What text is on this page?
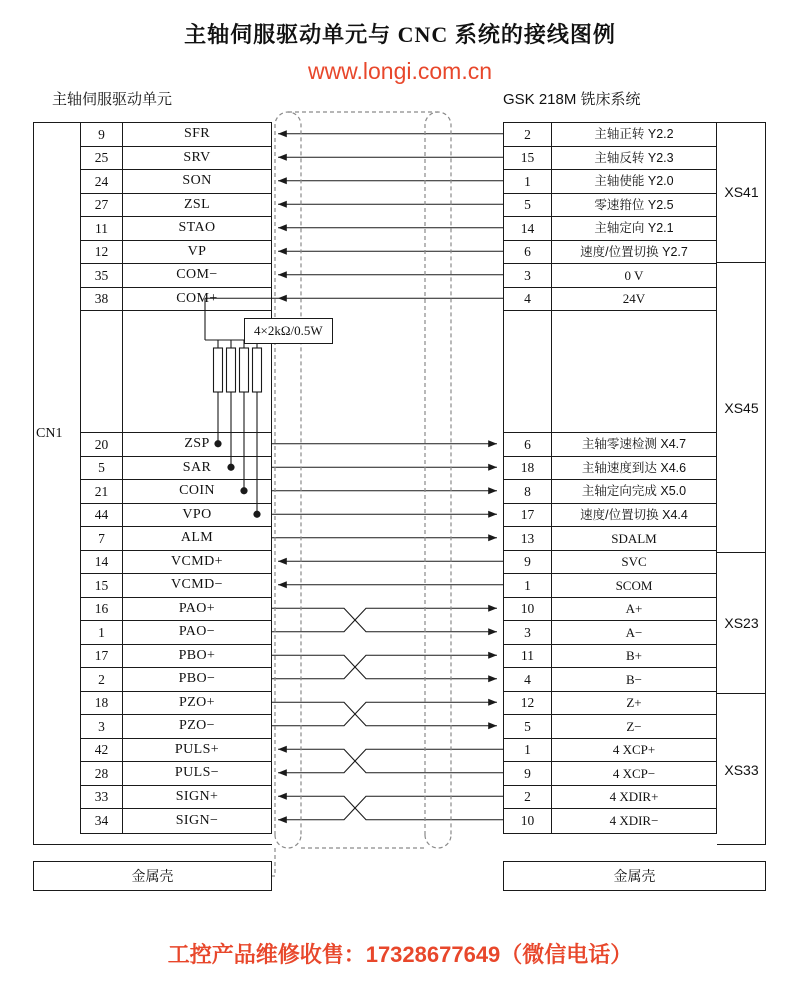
主轴伺服驱动单元与 CNC 系统的接线图例
www.longi.com.cn
主轴伺服驱动单元	GSK 218M 铣床系统
工控产品维修收售：17328677649（微信电话）
CN1
9	SFR
25	SRV
24	SON
27	ZSL
11	STAO
12	VP
35	COM−
38	COM+
20	ZSP
5	SAR
21	COIN
44	VPO
7	ALM
14	VCMD+
15	VCMD−
16	PAO+
1	PAO−
17	PBO+
2	PBO−
18	PZO+
3	PZO−
42	PULS+
28	PULS−
33	SIGN+
34	SIGN−
金属壳
2	主轴正转 Y2.2
15	主轴反转 Y2.3
1	主轴使能 Y2.0
5	零速箝位 Y2.5
14	主轴定向 Y2.1
6	速度/位置切换 Y2.7
3	0 V
4	24V
6	主轴零速检测 X4.7
18	主轴速度到达 X4.6
8	主轴定向完成 X5.0
17	速度/位置切换 X4.4
13	SDALM
9	SVC
1	SCOM
10	A+
3	A−
11	B+
4	B−
12	Z+
5	Z−
1	4 XCP+
9	4 XCP−
2	4 XDIR+
10	4 XDIR−
金属壳
4×2kΩ/0.5W
XS41
XS45
XS23
XS33
